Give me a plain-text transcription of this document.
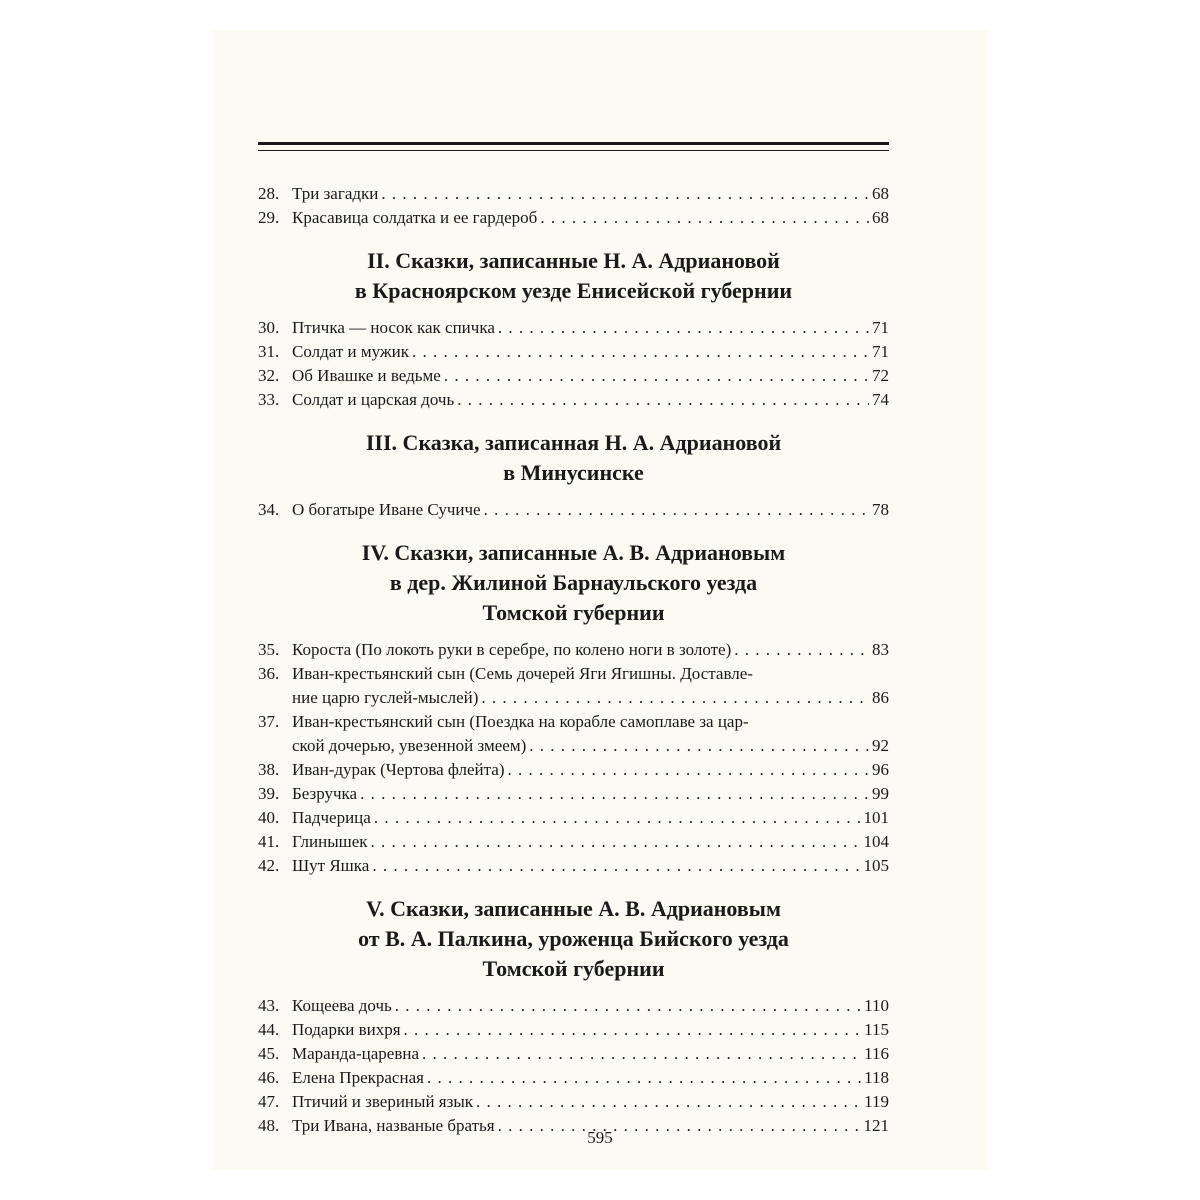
28. Три загадки . . .	68
29. Красавица солдатка и ее гардероб . . .	68
II. Сказки, записанные Н. А. Адриановой
в Красноярском уезде Енисейской губернии
30. Птичка — носок как спичка . . .	71
31. Солдат и мужик . . .	71
32. Об Ивашке и ведьме . . .	72
33. Солдат и царская дочь . . .	74
III. Сказка, записанная Н. А. Адриановой
в Минусинске
34. О богатыре Иване Сучиче . . .	78
IV. Сказки, записанные А. В. Адриановым
в дер. Жилиной Барнаульского уезда
Томской губернии
35. Короста (По локоть руки в серебре, по колено ноги в золоте) . . .	83
36. Иван-крестьянский сын (Семь дочерей Яги Ягишны. Доставле-
ние царю гуслей-мыслей) . . .	86
37. Иван-крестьянский сын (Поездка на корабле самоплаве за цар-
ской дочерью, увезенной змеем) . . .	92
38. Иван-дурак (Чертова флейта) . . .	96
39. Безручка . . .	99
40. Падчерица . . .	101
41. Глинышек . . .	104
42. Шут Яшка . . .	105
V. Сказки, записанные А. В. Адриановым
от В. А. Палкина, уроженца Бийского уезда
Томской губернии
43. Кощеева дочь . . .	110
44. Подарки вихря . . .	115
45. Маранда-царевна . . .	116
46. Елена Прекрасная . . .	118
47. Птичий и звериный язык . . .	119
48. Три Ивана, названые братья . . .	121
595
